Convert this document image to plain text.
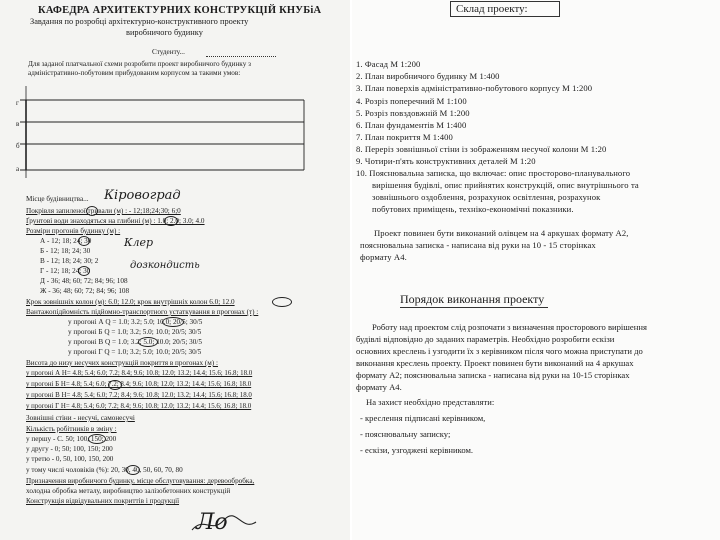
КАФЕДРА АРХИТЕКТУРНИХ КОНСТРУКЦІЙ КНУБіА
Завдання по розробці архітектурно-конструктивного проекту
виробничого будинку
Студенту...
Для заданої платчальної схеми розробити проект виробничого будинку з
адміністративно-побутовим прибудованим корпусом за такими умов:
г
в
б
а
Місце будівництва... Кіровоград
Покрівля запиленої тривали (м) : - 12;18;24;30; 6;0
Ґрунтові води знаходяться на глибині (м) : 1.0; 2.0; 3.0; 4.0
Розміри прогонів будинку (м) :
А - 12; 18; 24; 30
Б - 12; 18; 24; 30
В - 12; 18; 24; 30; 2
Г - 12; 18; 24; 30
Д - 36; 48; 60; 72; 84; 96; 108
Ж - 36; 48; 60; 72; 84; 96; 108
Клер
дозкондисть
Крок зовнішніх колон (м): 6.0; 12.0; крок внутрішніх колон 6.0; 12.0
Вантажопідйомність підйомно-транспортного устаткування в прогонах (т) :
у прогоні А Q = 1.0; 3.2; 5.0; 10.0; 20/5; 30/5
у прогоні Б Q = 1.0; 3.2; 5.0; 10.0; 20/5; 30/5
у прогоні В Q = 1.0; 3.2; 5.0; 10.0; 20/5; 30/5
у прогоні Г Q = 1.0; 3.2; 5.0; 10.0; 20/5; 30/5
Висота до низу несучих конструкцій покриття в прогонах (м) :
у прогоні А Н= 4.8; 5.4; 6.0; 7.2; 8.4; 9.6; 10.8; 12.0; 13.2; 14.4; 15.6; 16.8; 18.0
у прогоні Б Н= 4.8; 5.4; 6.0; 7.2; 8.4; 9.6; 10.8; 12.0; 13.2; 14.4; 15.6; 16.8; 18.0
у прогоні В Н= 4.8; 5.4; 6.0; 7.2; 8.4; 9.6; 10.8; 12.0; 13.2; 14.4; 15.6; 16.8; 18.0
у прогоні Г Н= 4.8; 5.4; 6.0; 7.2; 8.4; 9.6; 10.8; 12.0; 13.2; 14.4; 15.6; 16.8; 18.0
Зовнішні стіни - несучі, самонесучі
Кількість робітників в зміну :
у першу - С. 50; 100, 150; 200
у другу - 0; 50; 100, 150; 200
у третю - 0, 50, 100, 150, 200
у тому числі чоловіків (%): 20, 30, 40, 50, 60, 70, 80
Призначення виробничого будинку, місце обслуговування: деревообробка,
холодна обробка металу, виробництво залізобетонних конструкцій
Конструкція відвідувальних покриттів і продукції
Ло
Склад проекту:
1. Фасад М 1:200
2. План виробничого будинку М 1:400
3. План поверхів адміністративно-побутового корпусу М 1:200
4. Розріз поперечний М 1:100
5. Розріз повздовжній М 1:200
6. План фундаментів М 1:400
7. План покриття М 1:400
8. Переріз зовнішньої стіни із зображенням несучої колони М 1:20
9. Чотири-п'ять конструктивних деталей М 1:20
10. Пояснювальна записка, що включає: опис просторово-планувального
вирішення будівлі, опис прийнятих конструкцій, опис внутрішнього та
зовнішнього оздоблення, розрахунок освітлення, розрахунок
побутових приміщень, техніко-економічні показники.
Проект повинен бути виконаний олівцем на 4 аркушах формату А2,
пояснювальна записка - написана від руки на 10 - 15 сторінках
формату А4.
Порядок виконання проекту
Роботу над проектом слід розпочати з визначення просторового вирішення
будівлі відповідно до заданих параметрів. Необхідно розробити ескізи
основних креслень і узгодити їх з керівником після чого можна приступати до
виконання креслень проекту. Проект повинен бути виконаний на 4 аркушах
формату А2; пояснювальна записка - написана від руки на 10-15 сторінках
формату А4.
На захист необхідно представляти:
- креслення підписані керівником,
- пояснювальну записку;
- ескізи, узгоджені керівником.
